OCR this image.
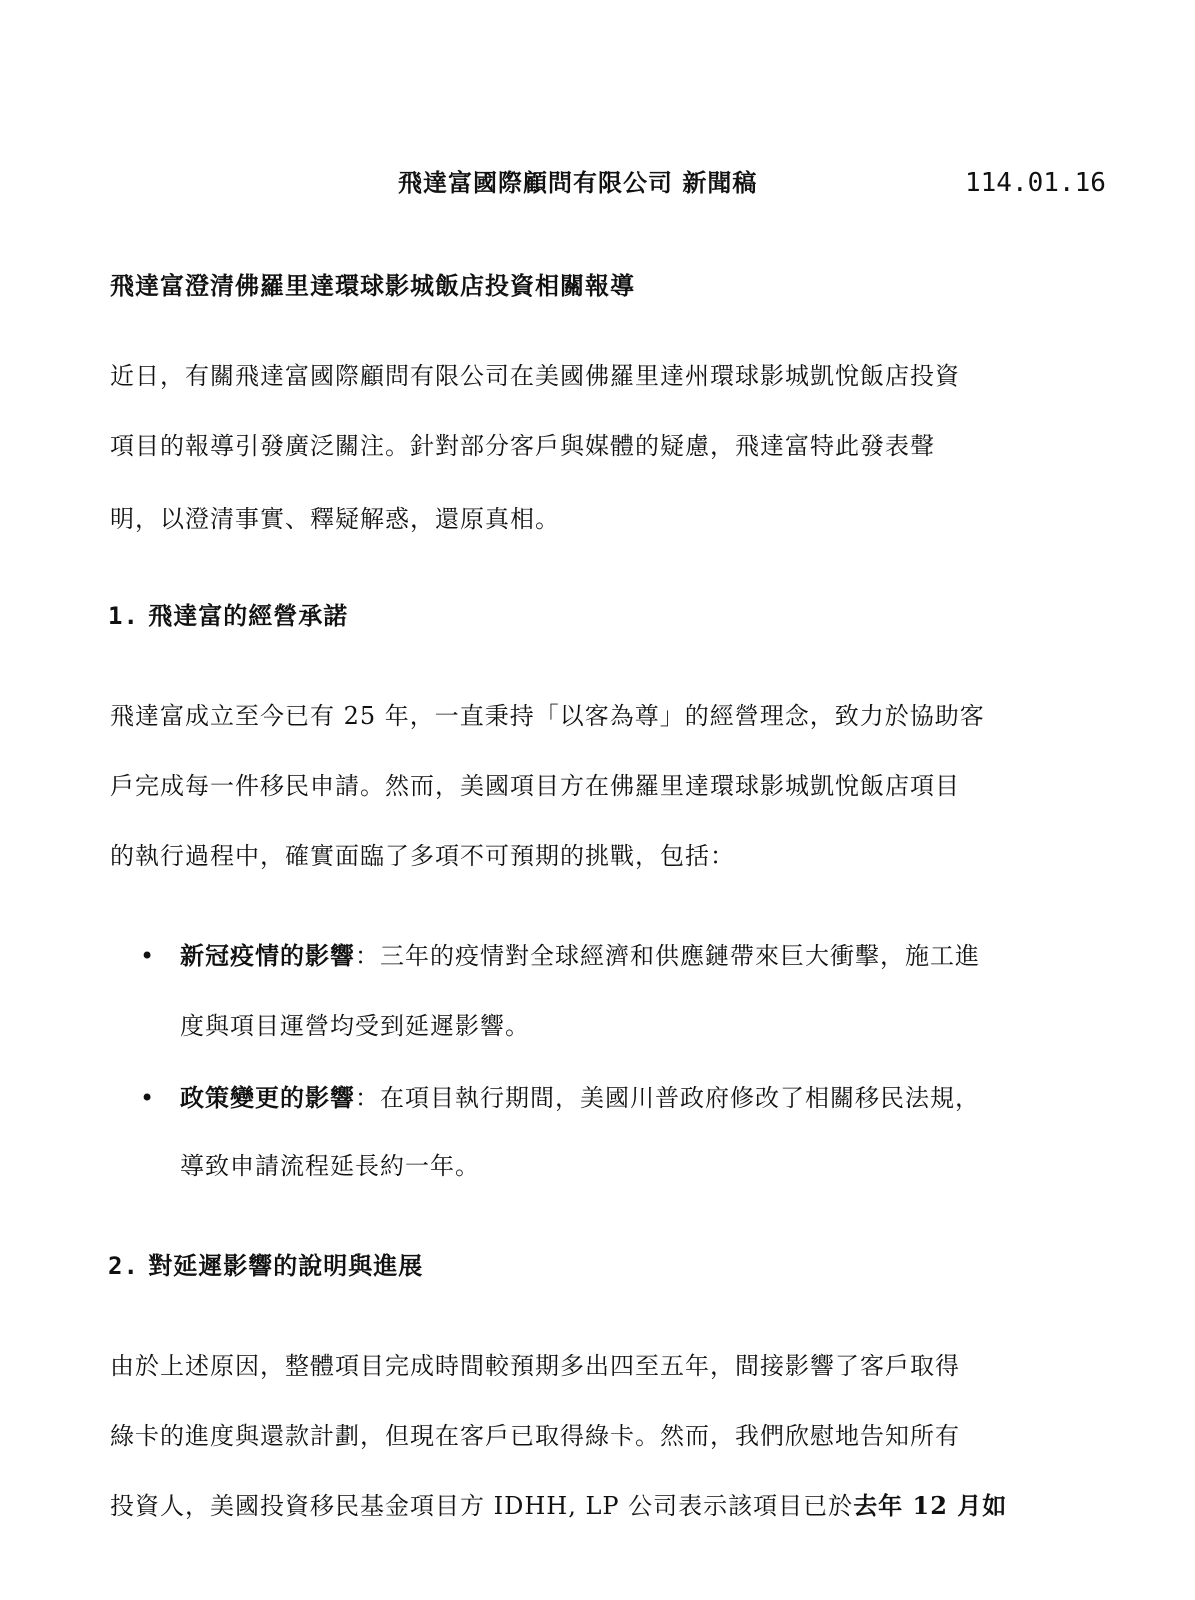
飛達富國際顧問有限公司 新聞稿	114.01.16
飛達富澄清佛羅里達環球影城飯店投資相關報導
近日，有關飛達富國際顧問有限公司在美國佛羅里達州環球影城凱悅飯店投資
項目的報導引發廣泛關注。針對部分客戶與媒體的疑慮，飛達富特此發表聲
明，以澄清事實、釋疑解惑，還原真相。
1. 飛達富的經營承諾
飛達富成立至今已有 25 年，一直秉持「以客為尊」的經營理念，致力於協助客
戶完成每一件移民申請。然而，美國項目方在佛羅里達環球影城凱悅飯店項目
的執行過程中，確實面臨了多項不可預期的挑戰，包括：
• 新冠疫情的影響：三年的疫情對全球經濟和供應鏈帶來巨大衝擊，施工進
度與項目運營均受到延遲影響。
• 政策變更的影響：在項目執行期間，美國川普政府修改了相關移民法規，
導致申請流程延長約一年。
2. 對延遲影響的說明與進展
由於上述原因，整體項目完成時間較預期多出四至五年，間接影響了客戶取得
綠卡的進度與還款計劃，但現在客戶已取得綠卡。然而，我們欣慰地告知所有
投資人，美國投資移民基金項目方 IDHH, LP 公司表示該項目已於去年 12 月如
